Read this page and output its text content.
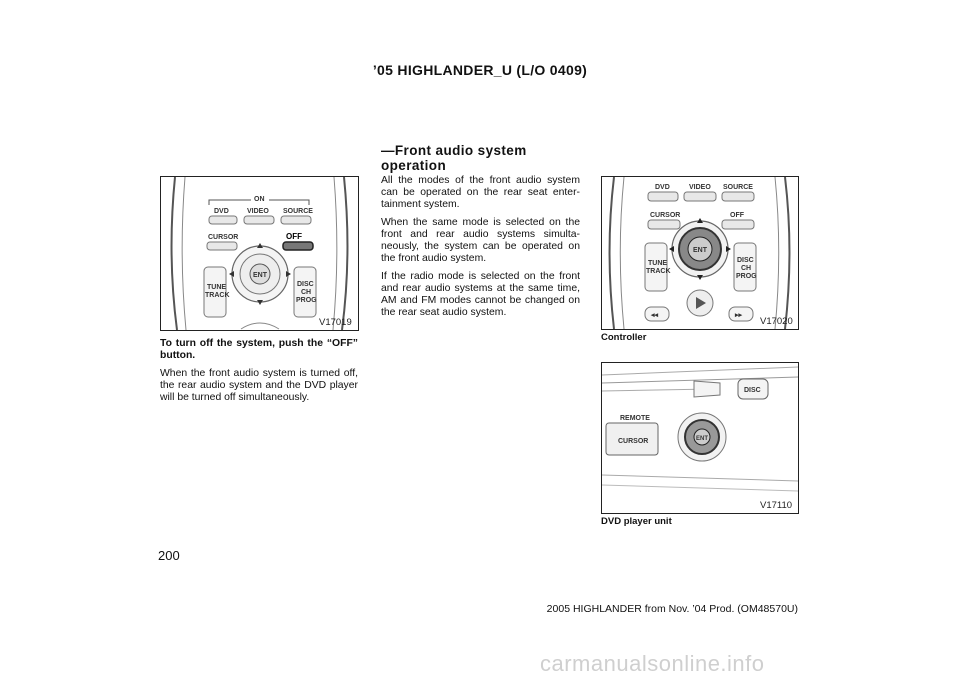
’05 HIGHLANDER_U (L/O 0409)
ON
DVD	VIDEO SOURCE
CURSOR	OFF
ENT
TUNE
TRACK
DISC
CH
PROG
V17019

To turn off the system, push the “OFF” button.

When the front audio system is turned off, the rear audio system and the DVD player will be turned off simultaneously.

—Front audio system operation

All the modes of the front audio system can be operated on the rear seat enter- tainment system.

When the same mode is selected on the front and rear audio systems simulta- neously, the system can be operated on the front audio system.

If the radio mode is selected on the front and rear audio systems at the same time, AM and FM modes cannot be changed on the rear seat audio system.

DVD	VIDEO SOURCE
CURSOR	OFF
ENT
TUNE
TRACK
DISC
CH
PROG
◂◂	▸▸
V17020
Controller
DISC
REMOTE
CURSOR	ENT
V17110
DVD player unit
200
2005 HIGHLANDER from Nov. ’04 Prod. (OM48570U)
carmanualsonline.info
